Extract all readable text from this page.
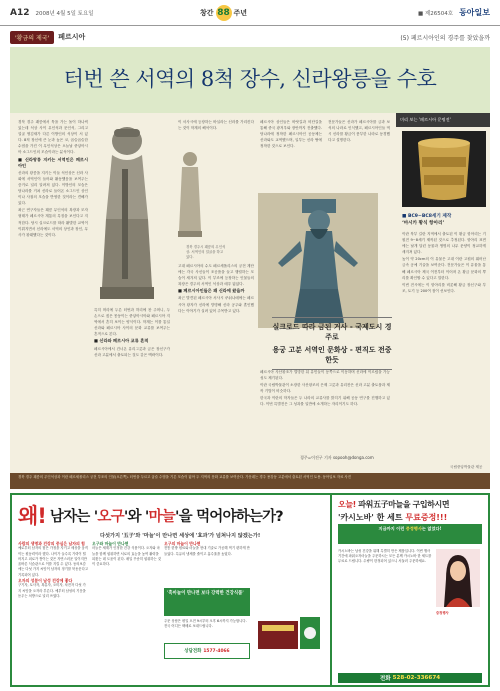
A12 2008년 4월 5일 토요일	창간 88 주년	■ 제26504호 동아일보
'황금의 제국'	페르시아	(5) 페르시아인의 경주를 찾았을까
터번 쓴 서역의 8척 장수, 신라왕릉을 수호

경북 경주 괘릉에서 툭을 가는 돌이 하나씩 있는데 석상 사이 무인석과 문인석, 그리고 얼굴 생김새가 다른 이방인의 석상이 서 있다. 8척 장신에 큰 눈과 높은 코, 곱슬곱슬한 수염을 가진 이 무인석상은 오늘날 중앙아시아 소그드인의 모습이라는 분석이다.

■ 신라왕릉 지키는 서역인은 페르시아인

신라의 왕릉을 지키는 이들 석인상은 신라 사회에 서역인이 들어와 활동했음을 보여주는 증거로 널리 알려져 있다. 이방인의 모습은 당나라를 거쳐 신라로 들어온 소그드인 상인이나 사절의 모습을 반영한 것이라는 견해가 있다.

최근 연구자들은 괘릉 무인석의 복장과 모자 형태가 페르시아 계통의 특징을 보인다고 지적한다. 당시 실크로드를 따라 활발한 교역이 이뤄지면서 신라에도 서역의 상인과 장인, 무사가 왕래했다는 것이다.

경북 경주시 괘릉의 무인석상. 서역인의 얼굴을 하고 있다.

특히 머리에 두른 터번과 허리에 찬 주머니, 두 손으로 짚은 몽둥이는 중앙아시아와 페르시아 지역에서 흔히 보이는 양식이다. 학계는 이를 통일신라와 페르시아 사이의 문화 교류를 보여주는 흔적으로 본다.

■ 신라와 페르시아 교류 흔적

페르시아에서 건너온 유리그릇과 금은 장신구가 신라 고분에서 출토되는 것도 같은 맥락이다.

이 서사시에 등장하는 바실라는 신라를 가리킨다는 것이 학계의 해석이다.

고대 페르시아의 수도 페르세폴리스의 궁전 계단에는 각국 사신들이 조공품을 들고 행렬하는 모습이 새겨져 있다. 이 부조에 등장하는 인물들의 복장은 경주의 서역인 석상과 매우 닮았다.

■ 페르시아인들은 왜 신라에 왔을까

최근 발견된 페르시아 서사시 쿠쉬나메에는 페르시아 왕자가 신라에 망명해 신라 공주와 혼인했다는 이야기가 실려 있어 주목받고 있다.

페르시아 상인들은 바닷길과 비단길을 통해 중국 광저우와 장안까지 진출했다. 당나라에 정착한 페르시아인 공동체는 신라와도 교역했으며, 일부는 신라 땅에 정착한 것으로 보인다.

전문가들은 신라가 페르시아를 금과 보석의 나라로 인식했고, 페르시아인들 역시 신라를 황금이 풍부한 나라로 동경했다고 설명한다.

실크로드 따라 금된 거사 - 국제도시 경주로
용궁 고분 서역인 문화상 - 편직도 전중한듯

페르시아 사산왕조가 멸망한 뒤 유민들이 동쪽으로 이동하며 신라에 이르렀을 가능성도 제기된다.

이란 국립박물관이 소장한 사산왕조의 은제 그릇과 유리잔은 신라 고분 출토품과 제작 기법이 비슷하다.

한국과 이란의 학자들은 두 나라의 교류사를 밝히기 위해 공동 연구를 진행하고 있다. 이번 특별전은 그 성과를 일반에 소개하는 자리이기도 하다.

경주=이진구 기자 sopooh@donga.com
미리 보는 '페르시아 문명전'
■ BC9~BC8세기 제작
‘마시카 황식 항아리’

이란 북부 길란 지역에서 출토된 이 황금 항아리는 기원전 9~8세기 제작된 것으로 추정된다. 항아리 표면에는 날개 달린 동물과 생명의 나무 문양이 정교하게 새겨져 있다.

높이 약 20cm의 이 유물은 고대 이란 고원의 뛰어난 금속 공예 기술을 보여준다. 전문가들은 이 유물을 통해 페르시아 제국 이전부터 이어져 온 황금 문화의 뿌리를 확인할 수 있다고 말한다.

이번 전시에는 이 항아리를 비롯해 황금 장신구와 부조, 토기 등 200여 점이 선보인다.

국립중앙박물관 제공
경북 경주 괘릉의 무인석상과 이란 페르세폴리스 궁전 부조의 인물(오른쪽). 터번을 두르고 곱슬 수염을 기른 모습이 닮아 두 지역의 문화 교류를 보여준다. 가운데는 경주 용강동 고분에서 출토된 서역인 토용. 동아일보 자료 사진
왜! 남자는 '오구'와 '마늘'을 먹어야하는가?
다섯가지 '五子'와 '마늘'이 만나면 세상에 '효과'가 넘쳐나지 않겠는가!
사람의 생명과 건강의 중심은 남자의 힘
예로부터 남자의 힘은 가정을 지키고 세상을 움직이는 원동력이라 했다. 나이가 들수록 기력이 떨어지고 피로가 쌓이는 것은 자연스러운 일이지만 올바른 식습관으로 이를 지킬 수 있다. 동의보감에는 다섯 가지 씨앗이 남자의 정기를 북돋운다고 기록되어 있다.
오자의 성분이 남성 건강에 좋다
구기자, 토사자, 복분자, 오미자, 차전자 다섯 가지 씨앗을 오자라 부른다. 예부터 남성의 기운을 돋우는 처방으로 널리 쓰였다.
오구와 마늘이 만나면
마늘은 세계가 인정한 건강 식품이다. 오자와 마늘을 함께 섭취하면 서로의 효능을 높여 활력을 되찾는 데 도움이 된다. 매일 꾸준히 섭취하는 것이 중요하다.
오구의 마늘이 만나면
전통 한방 원료와 마늘을 현대 기술로 가공해 먹기 편하게 만들었다. 특유의 냄새를 줄이고 흡수율을 높였다.
'흑마늘이 만나면 보다 강력한 건강식품'
주문 상담은 평일 오전 9시부터 오후 6시까지 가능합니다. 전국 어디든 택배로 보내드립니다.
상담전화 1577-4066
오늘! 파워五子마늘을 구입하시면
'카시노바' 한 세트 무료증정!!!
지금까지 이런 증정행사는 없었다!
카시노바는 남성 건강을 위해 특별히 만든 제품입니다. 이번 행사 기간에 파워오자마늘을 주문하시는 모든 분께 카시노바 한 세트를 무료로 드립니다. 수량이 한정되어 있으니 서둘러 주문하세요.
증정행사
전화
528-02-336674
